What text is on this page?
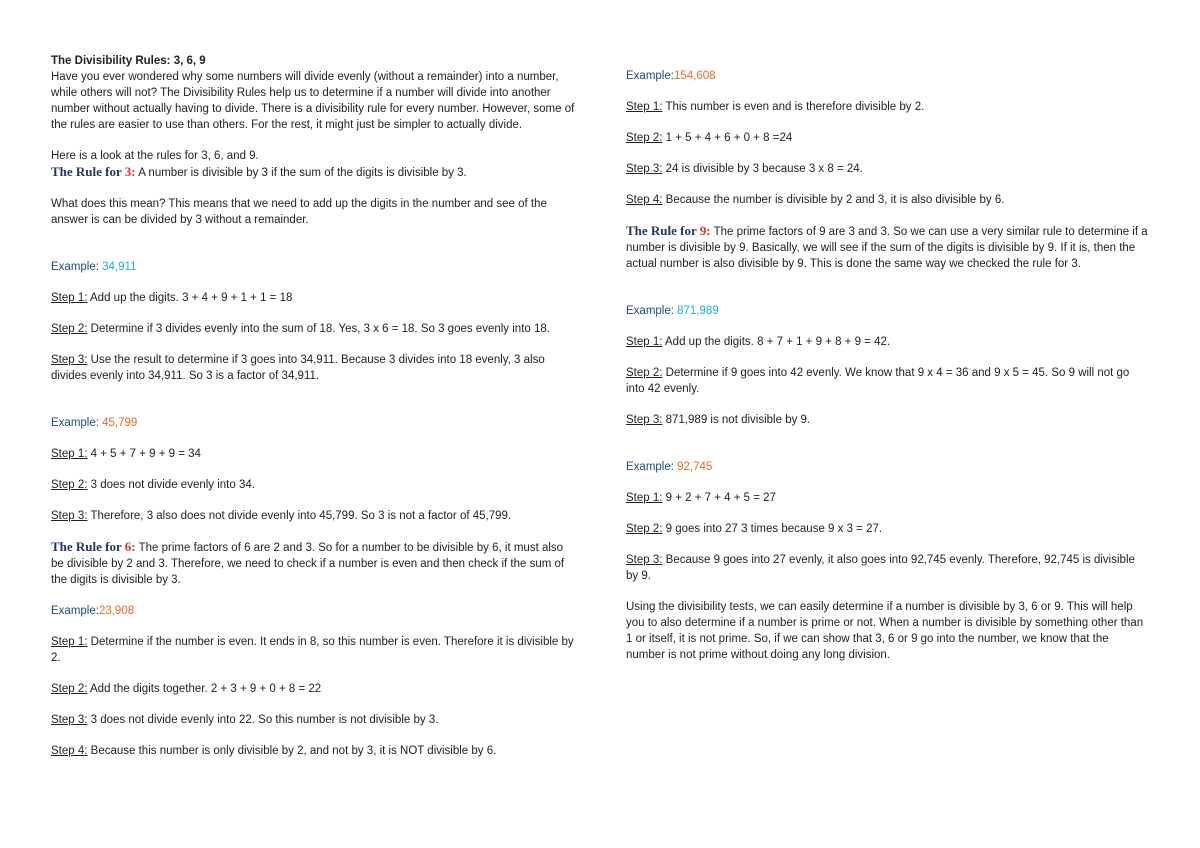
The Divisibility Rules: 3, 6, 9

Have you ever wondered why some numbers will divide evenly (without a remainder) into a number, while others will not? The Divisibility Rules help us to determine if a number will divide into another number without actually having to divide. There is a divisibility rule for every number. However, some of the rules are easier to use than others. For the rest, it might just be simpler to actually divide.

Here is a look at the rules for 3, 6, and 9.

The Rule for 3: A number is divisible by 3 if the sum of the digits is divisible by 3.

What does this mean? This means that we need to add up the digits in the number and see of the answer is can be divided by 3 without a remainder.

Example: 34,911

Step 1: Add up the digits. 3 + 4 + 9 + 1 + 1 = 18

Step 2: Determine if 3 divides evenly into the sum of 18. Yes, 3 x 6 = 18. So 3 goes evenly into 18.

Step 3: Use the result to determine if 3 goes into 34,911. Because 3 divides into 18 evenly, 3 also divides evenly into 34,911. So 3 is a factor of 34,911.

Example: 45,799

Step 1: 4 + 5 + 7 + 9 + 9 = 34

Step 2: 3 does not divide evenly into 34.

Step 3: Therefore, 3 also does not divide evenly into 45,799. So 3 is not a factor of 45,799.

The Rule for 6: The prime factors of 6 are 2 and 3. So for a number to be divisible by 6, it must also be divisible by 2 and 3. Therefore, we need to check if a number is even and then check if the sum of the digits is divisible by 3.

Example:23,908

Step 1: Determine if the number is even. It ends in 8, so this number is even. Therefore it is divisible by 2.

Step 2: Add the digits together. 2 + 3 + 9 + 0 + 8 = 22

Step 3: 3 does not divide evenly into 22. So this number is not divisible by 3.

Step 4: Because this number is only divisible by 2, and not by 3, it is NOT divisible by 6.

Example:154,608

Step 1: This number is even and is therefore divisible by 2.

Step 2: 1 + 5 + 4 + 6 + 0 + 8 =24

Step 3: 24 is divisible by 3 because 3 x 8 = 24.

Step 4: Because the number is divisible by 2 and 3, it is also divisible by 6.

The Rule for 9: The prime factors of 9 are 3 and 3. So we can use a very similar rule to determine if a number is divisible by 9. Basically, we will see if the sum of the digits is divisible by 9. If it is, then the actual number is also divisible by 9. This is done the same way we checked the rule for 3.

Example: 871,989

Step 1: Add up the digits. 8 + 7 + 1 + 9 + 8 + 9 = 42.

Step 2: Determine if 9 goes into 42 evenly. We know that 9 x 4 = 36 and 9 x 5 = 45. So 9 will not go into 42 evenly.

Step 3: 871,989 is not divisible by 9.

Example: 92,745

Step 1: 9 + 2 + 7 + 4 + 5 = 27

Step 2: 9 goes into 27 3 times because 9 x 3 = 27.

Step 3: Because 9 goes into 27 evenly, it also goes into 92,745 evenly. Therefore, 92,745 is divisible by 9.

Using the divisibility tests, we can easily determine if a number is divisible by 3, 6 or 9. This will help you to also determine if a number is prime or not. When a number is divisible by something other than 1 or itself, it is not prime. So, if we can show that 3, 6 or 9 go into the number, we know that the number is not prime without doing any long division.
